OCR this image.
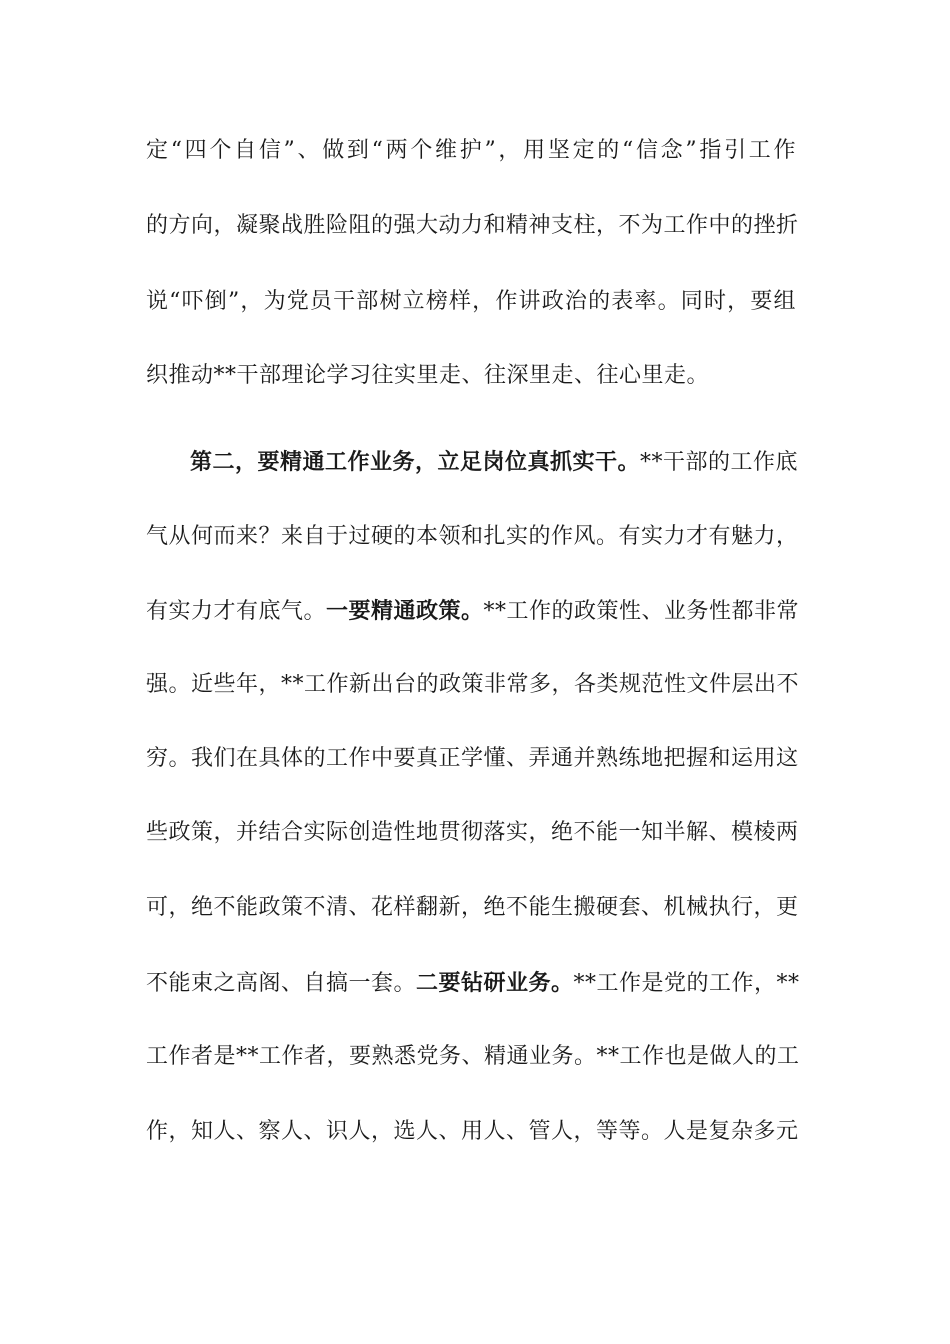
定“四个自信”、做到“两个维护”，用坚定的“信念”指引工作
的方向，凝聚战胜险阻的强大动力和精神支柱，不为工作中的挫折
说“吓倒”，为党员干部树立榜样，作讲政治的表率。同时，要组
织推动**干部理论学习往实里走、往深里走、往心里走。
第二，要精通工作业务，立足岗位真抓实干。**干部的工作底
气从何而来？来自于过硬的本领和扎实的作风。有实力才有魅力，
有实力才有底气。一要精通政策。**工作的政策性、业务性都非常
强。近些年，**工作新出台的政策非常多，各类规范性文件层出不
穷。我们在具体的工作中要真正学懂、弄通并熟练地把握和运用这
些政策，并结合实际创造性地贯彻落实，绝不能一知半解、模棱两
可，绝不能政策不清、花样翻新，绝不能生搬硬套、机械执行，更
不能束之高阁、自搞一套。二要钻研业务。**工作是党的工作，**
工作者是**工作者，要熟悉党务、精通业务。**工作也是做人的工
作，知人、察人、识人，选人、用人、管人，等等。人是复杂多元
